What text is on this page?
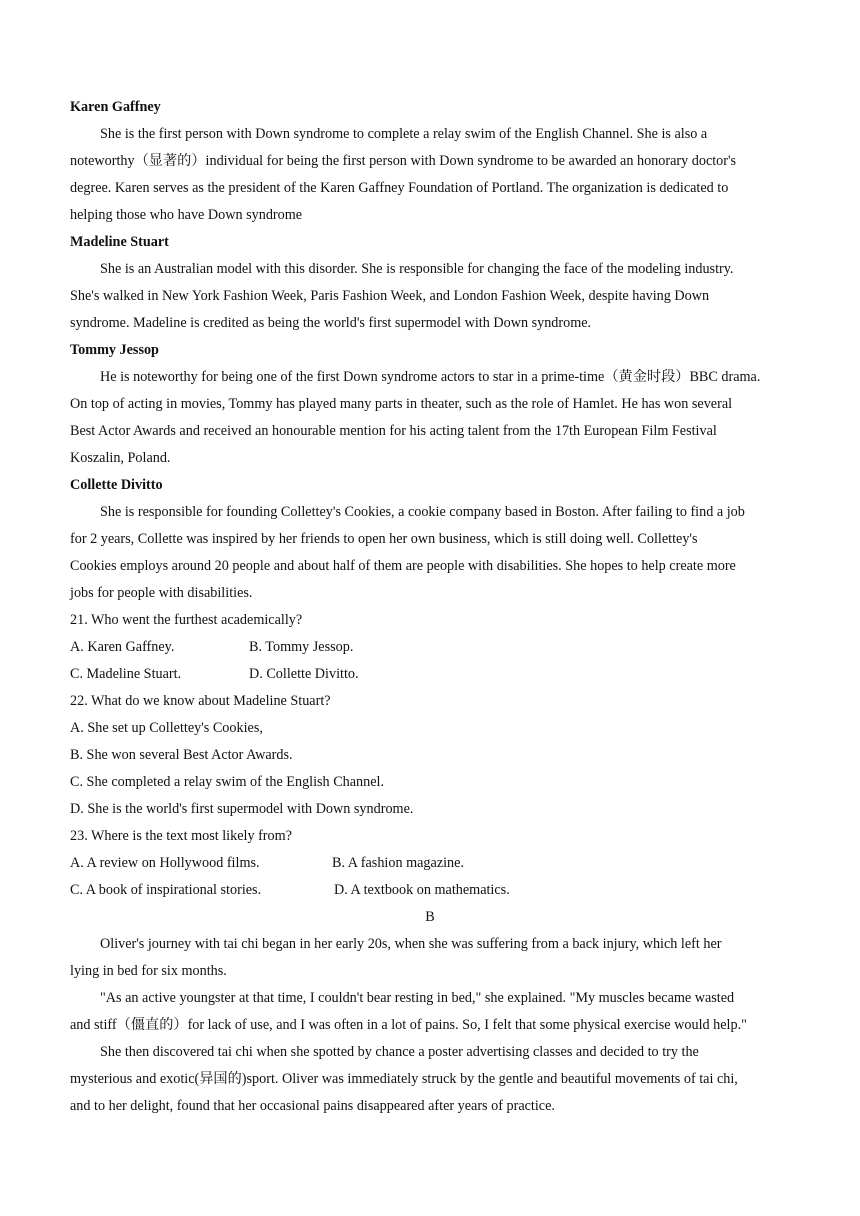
Karen Gaffney
She is the first person with Down syndrome to complete a relay swim of the English Channel. She is also a
noteworthy（显著的）individual for being the first person with Down syndrome to be awarded an honorary doctor's
degree. Karen serves as the president of the Karen Gaffney Foundation of Portland. The organization is dedicated to
helping those who have Down syndrome
Madeline Stuart
She is an Australian model with this disorder. She is responsible for changing the face of the modeling industry.
She's walked in New York Fashion Week, Paris Fashion Week, and London Fashion Week, despite having Down
syndrome. Madeline is credited as being the world's first supermodel with Down syndrome.
Tommy Jessop
He is noteworthy for being one of the first Down syndrome actors to star in a prime-time（黄金时段）BBC drama.
On top of acting in movies, Tommy has played many parts in theater, such as the role of Hamlet. He has won several
Best Actor Awards and received an honourable mention for his acting talent from the 17th European Film Festival
Koszalin, Poland.
Collette Divitto
She is responsible for founding Collettey's Cookies, a cookie company based in Boston. After failing to find a job
for 2 years, Collette was inspired by her friends to open her own business, which is still doing well. Collettey's
Cookies employs around 20 people and about half of them are people with disabilities. She hopes to help create more
jobs for people with disabilities.
21. Who went the furthest academically?
A. Karen Gaffney.	B. Tommy Jessop.
C. Madeline Stuart.	D. Collette Divitto.
22. What do we know about Madeline Stuart?
A. She set up Collettey's Cookies,
B. She won several Best Actor Awards.
C. She completed a relay swim of the English Channel.
D. She is the world's first supermodel with Down syndrome.
23. Where is the text most likely from?
A. A review on Hollywood films.	B. A fashion magazine.
C. A book of inspirational stories.	D. A textbook on mathematics.
B
Oliver's journey with tai chi began in her early 20s, when she was suffering from a back injury, which left her
lying in bed for six months.
"As an active youngster at that time, I couldn't bear resting in bed," she explained. "My muscles became wasted
and stiff（僵直的）for lack of use, and I was often in a lot of pains. So, I felt that some physical exercise would help."
She then discovered tai chi when she spotted by chance a poster advertising classes and decided to try the
mysterious and exotic(异国的)sport. Oliver was immediately struck by the gentle and beautiful movements of tai chi,
and to her delight, found that her occasional pains disappeared after years of practice.
